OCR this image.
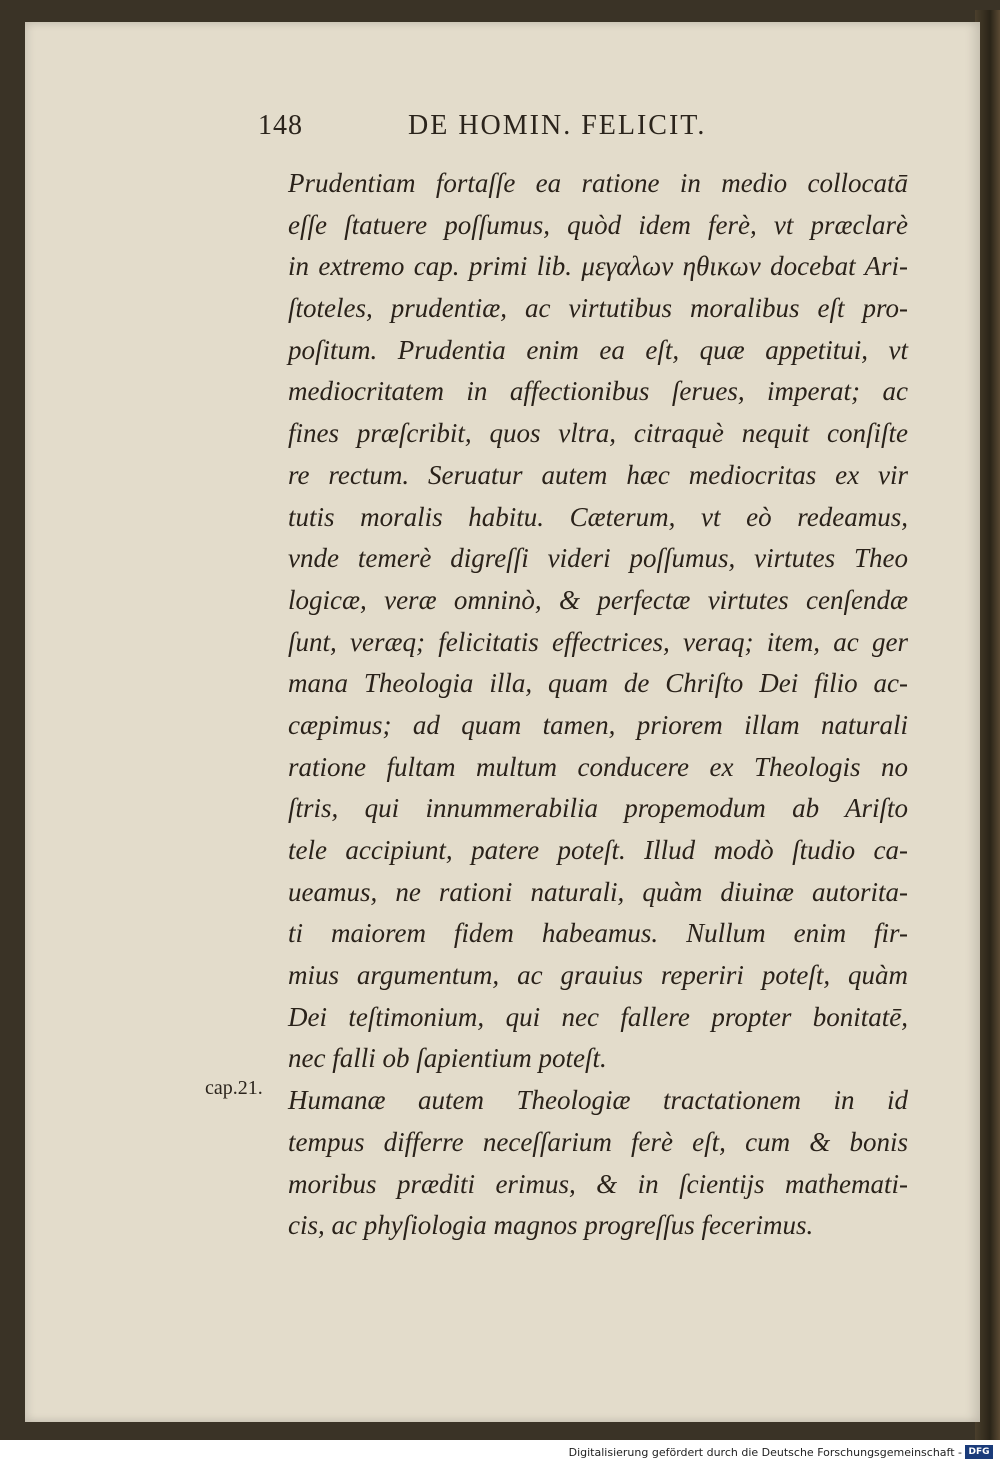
148	DE HOMIN. FELICIT.
Prudentiam fortaſſe ea ratione in medio collocatā
eſſe ſtatuere poſſumus, quòd idem ferè, vt præclarè
in extremo cap. primi lib. μεγαλων ηθικων docebat Ari-
ſtoteles, prudentiæ, ac virtutibus moralibus eſt pro-
poſitum. Prudentia enim ea eſt, quæ appetitui, vt
mediocritatem in affectionibus ſerues, imperat; ac
fines præſcribit, quos vltra, citraquè nequit conſiſte
re rectum. Seruatur autem hæc mediocritas ex vir
tutis moralis habitu. Cæterum, vt eò redeamus,
vnde temerè digreſſi videri poſſumus, virtutes Theo
logicæ, veræ omninò, & perfectæ virtutes cenſendæ
ſunt, veræq; felicitatis effectrices, veraq; item, ac ger
mana Theologia illa, quam de Chriſto Dei filio ac-
cæpimus; ad quam tamen, priorem illam naturali
ratione fultam multum conducere ex Theologis no
ſtris, qui innummerabilia propemodum ab Ariſto
tele accipiunt, patere poteſt. Illud modò ſtudio ca-
ueamus, ne rationi naturali, quàm diuinæ autorita-
ti maiorem fidem habeamus. Nullum enim fir-
mius argumentum, ac grauius reperiri poteſt, quàm
Dei teſtimonium, qui nec fallere propter bonitatē,
nec falli ob ſapientium poteſt.
Humanæ autem Theologiæ tractationem in id
tempus differre neceſſarium ferè eſt, cum & bonis
moribus præditi erimus, & in ſcientijs mathemati-
cis, ac phyſiologia magnos progreſſus fecerimus.
cap.21.
Digitalisierung gefördert durch die Deutsche Forschungsgemeinschaft - DFG
